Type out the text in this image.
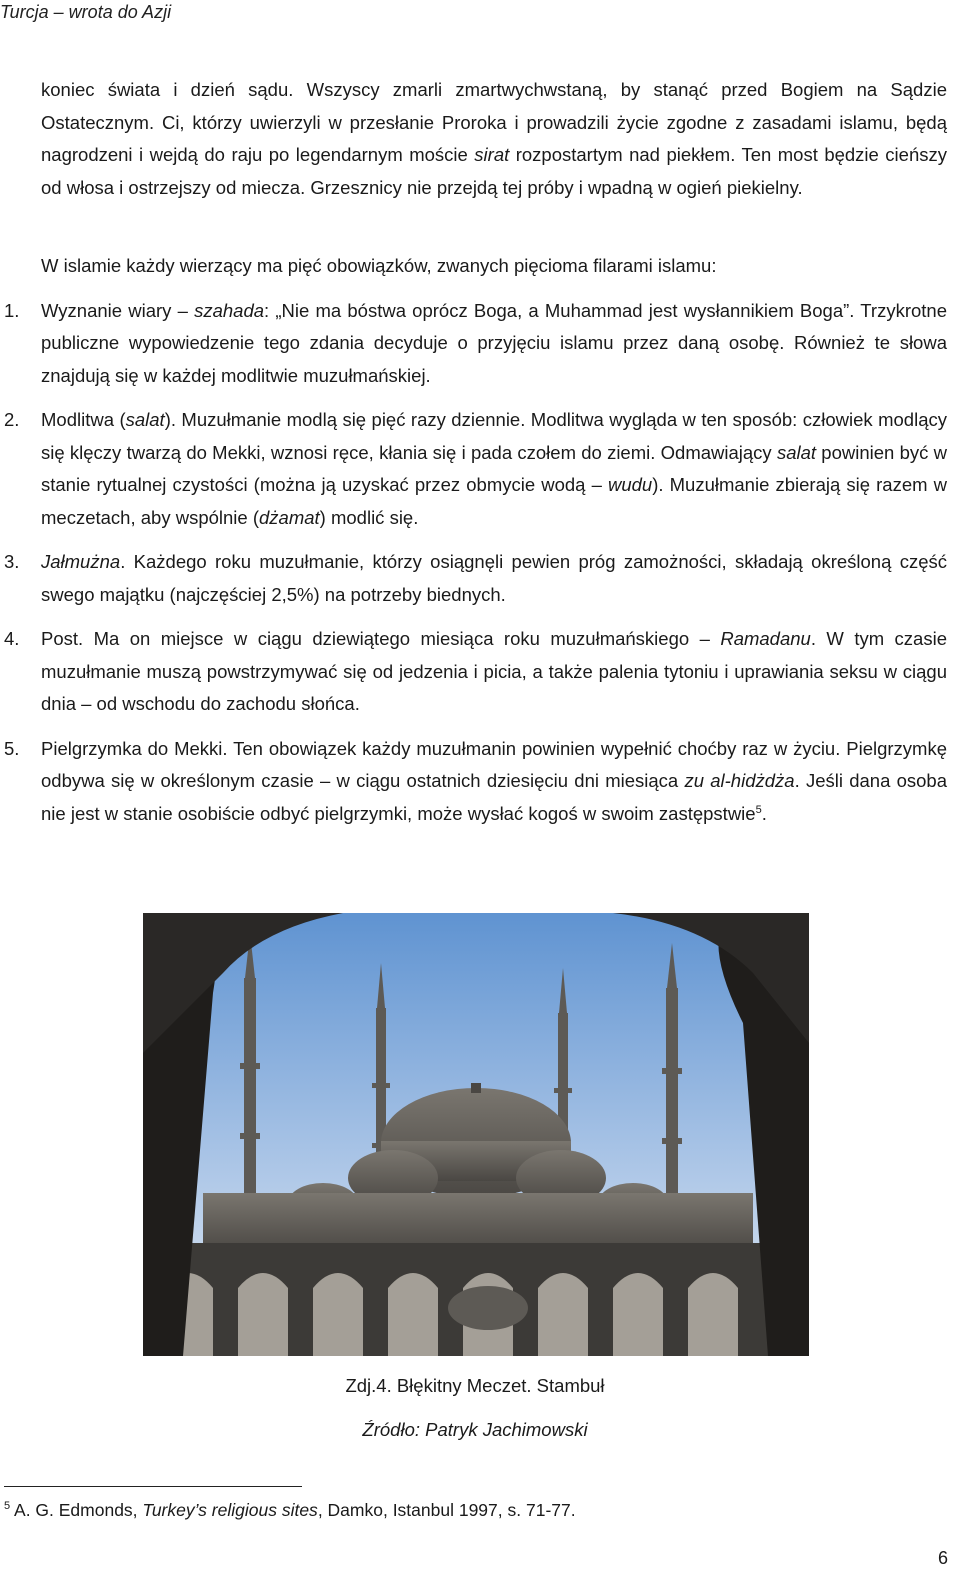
Turcja – wrota do Azji

koniec świata i dzień sądu. Wszyscy zmarli zmartwychwstaną, by stanąć przed Bogiem na Sądzie Ostatecznym. Ci, którzy uwierzyli w przesłanie Proroka i prowadzili życie zgodne z zasadami islamu, będą nagrodzeni i wejdą do raju po legendarnym moście sirat rozpostartym nad piekłem. Ten most będzie cieńszy od włosa i ostrzejszy od miecza. Grzesznicy nie przejdą tej próby i wpadną w ogień piekielny.

W islamie każdy wierzący ma pięć obowiązków, zwanych pięcioma filarami islamu:

1. Wyznanie wiary – szahada: „Nie ma bóstwa oprócz Boga, a Muhammad jest wysłannikiem Boga”. Trzykrotne publiczne wypowiedzenie tego zdania decyduje o przyjęciu islamu przez daną osobę. Również te słowa znajdują się w każdej modlitwie muzułmańskiej.

2. Modlitwa (salat). Muzułmanie modlą się pięć razy dziennie. Modlitwa wygląda w ten sposób: człowiek modlący się klęczy twarzą do Mekki, wznosi ręce, kłania się i pada czołem do ziemi. Odmawiający salat powinien być w stanie rytualnej czystości (można ją uzyskać przez obmycie wodą – wudu). Muzułmanie zbierają się razem w meczetach, aby wspólnie (dżamat) modlić się.

3. Jałmużna. Każdego roku muzułmanie, którzy osiągnęli pewien próg zamożności, składają określoną część swego majątku (najczęściej 2,5%) na potrzeby biednych.

4. Post. Ma on miejsce w ciągu dziewiątego miesiąca roku muzułmańskiego – Ramadanu. W tym czasie muzułmanie muszą powstrzymywać się od jedzenia i picia, a także palenia tytoniu i uprawiania seksu w ciągu dnia – od wschodu do zachodu słońca.

5. Pielgrzymka do Mekki. Ten obowiązek każdy muzułmanin powinien wypełnić choćby raz w życiu. Pielgrzymkę odbywa się w określonym czasie – w ciągu ostatnich dziesięciu dni miesiąca zu al-hidżdża. Jeśli dana osoba nie jest w stanie osobiście odbyć pielgrzymki, może wysłać kogoś w swoim zastępstwie$^5$.

Zdj.4. Błękitny Meczet. Stambuł
Źródło: Patryk Jachimowski
$^5$ A. G. Edmonds, Turkey’s religious sites, Damko, Istanbul 1997, s. 71-77.
6
